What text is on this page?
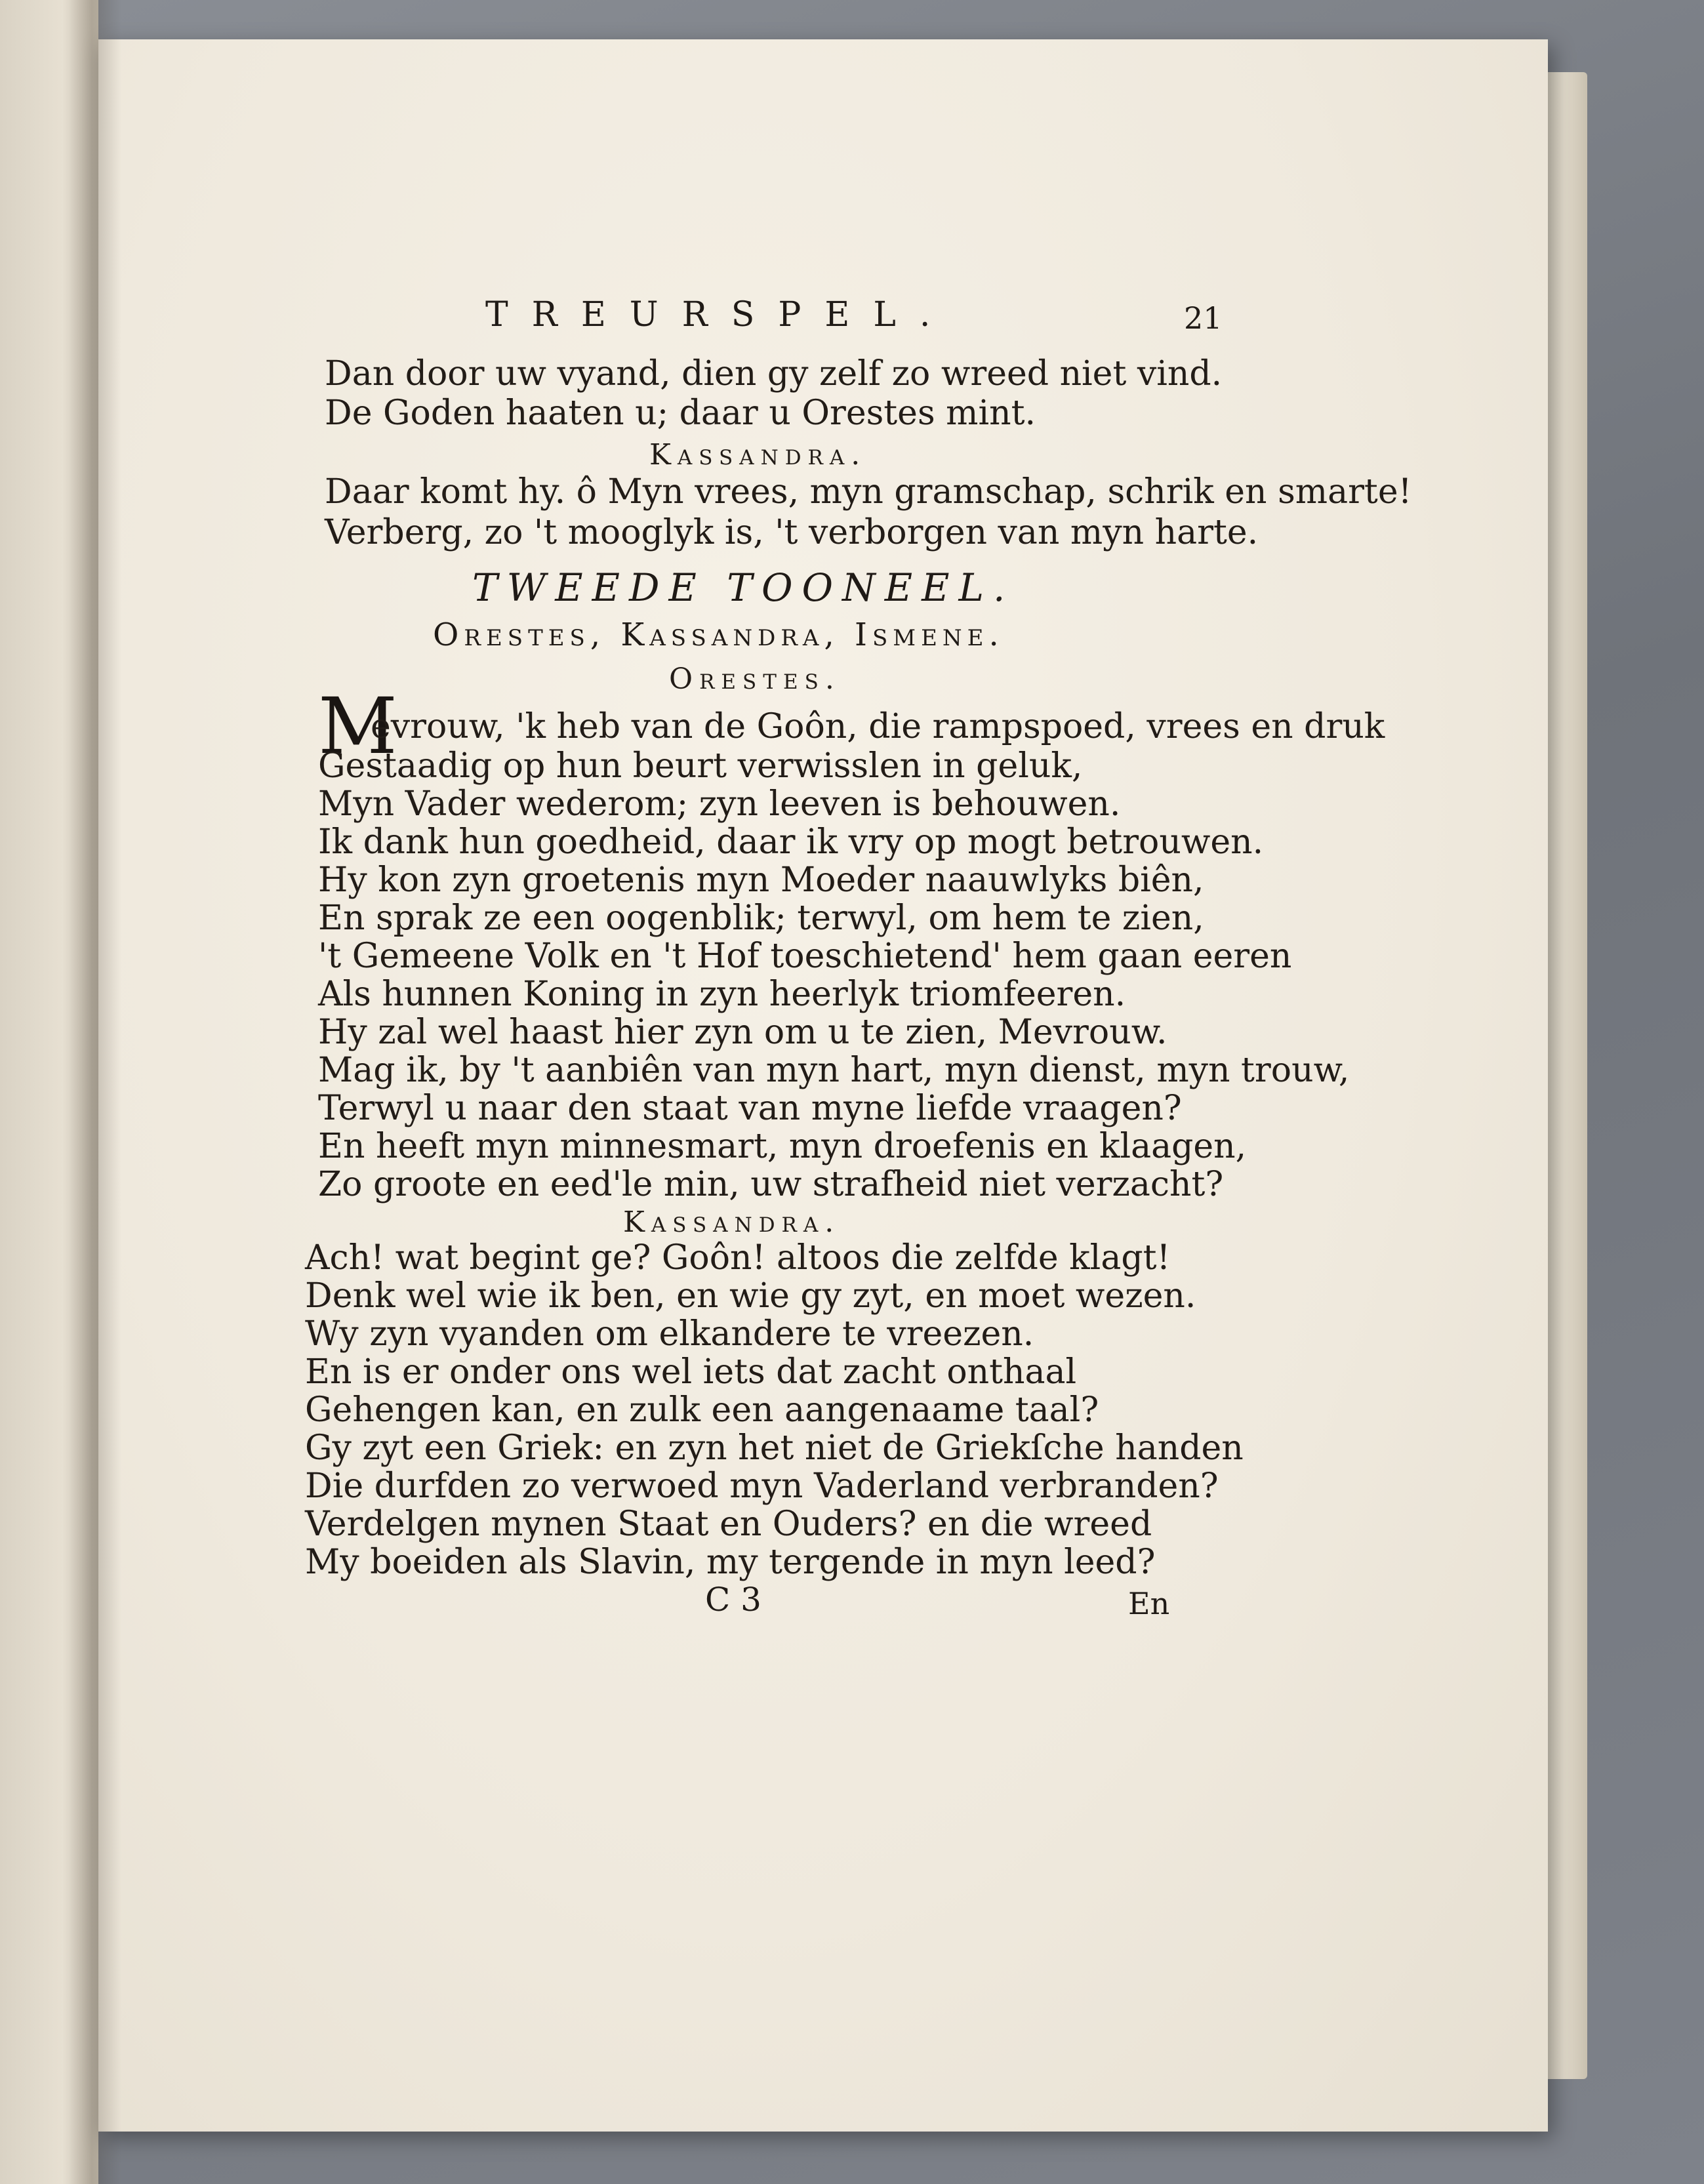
TREURSPEL.	21
Dan door uw vyand, dien gy zelf zo wreed niet vind.
De Goden haaten u; daar u Orestes mint.
Kassandra.
Daar komt hy. ô Myn vrees, myn gramschap, schrik en smarte!
Verberg, zo 't mooglyk is, 't verborgen van myn harte.
TWEEDE TOONEEL.
Orestes, Kassandra, Ismene.
Orestes.
M
evrouw, 'k heb van de Goôn, die rampspoed, vrees en druk
Gestaadig op hun beurt verwisslen in geluk,
Myn Vader wederom; zyn leeven is behouwen.
Ik dank hun goedheid, daar ik vry op mogt betrouwen.
Hy kon zyn groetenis myn Moeder naauwlyks biên,
En sprak ze een oogenblik; terwyl, om hem te zien,
't Gemeene Volk en 't Hof toeschietend' hem gaan eeren
Als hunnen Koning in zyn heerlyk triomfeeren.
Hy zal wel haast hier zyn om u te zien, Mevrouw.
Mag ik, by 't aanbiên van myn hart, myn dienst, myn trouw,
Terwyl u naar den staat van myne liefde vraagen?
En heeft myn minnesmart, myn droefenis en klaagen,
Zo groote en eed'le min, uw strafheid niet verzacht?
Kassandra.
Ach! wat begint ge? Goôn! altoos die zelfde klagt!
Denk wel wie ik ben, en wie gy zyt, en moet wezen.
Wy zyn vyanden om elkandere te vreezen.
En is er onder ons wel iets dat zacht onthaal
Gehengen kan, en zulk een aangenaame taal?
Gy zyt een Griek: en zyn het niet de Griekſche handen
Die durfden zo verwoed myn Vaderland verbranden?
Verdelgen mynen Staat en Ouders? en die wreed
My boeiden als Slavin, my tergende in myn leed?
C 3	En
